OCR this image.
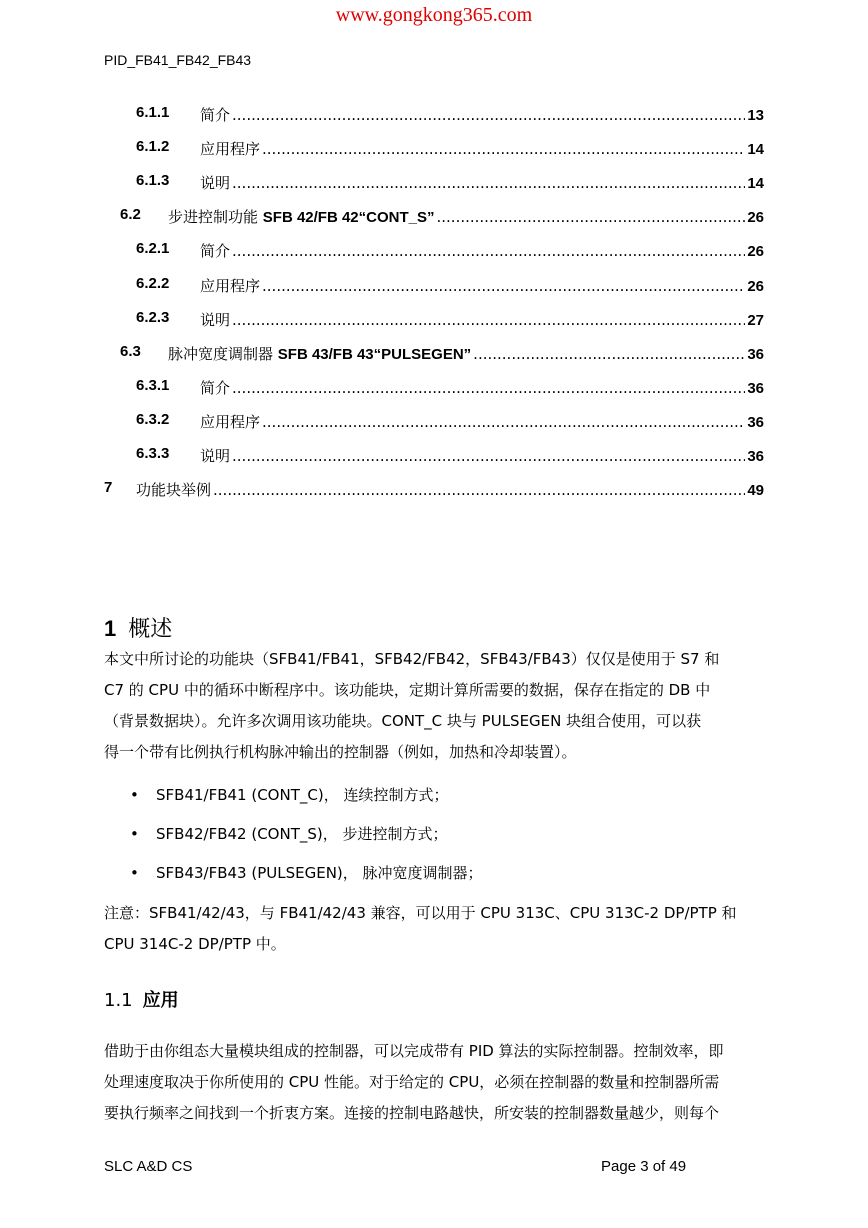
www.gongkong365.com
PID_FB41_FB42_FB43
6.1.1 简介 .....	13
6.1.2 应用程序 .....	14
6.1.3 说明 .....	14
6.2 步进控制功能 SFB 42/FB 42“CONT_S” .....	26
6.2.1 简介 .....	26
6.2.2 应用程序 .....	26
6.2.3 说明 .....	27
6.3 脉冲宽度调制器 SFB 43/FB 43“PULSEGEN” .....	36
6.3.1 简介 .....	36
6.3.2 应用程序 .....	36
6.3.3 说明 .....	36
7 功能块举例 .....	49
1 概述
本文中所讨论的功能块（SFB41/FB41，SFB42/FB42，SFB43/FB43）仅仅是使用于 S7 和
C7 的 CPU 中的循环中断程序中。该功能块，定期计算所需要的数据，保存在指定的 DB 中
（背景数据块）。允许多次调用该功能块。CONT_C 块与 PULSEGEN 块组合使用，可以获
得一个带有比例执行机构脉冲输出的控制器（例如，加热和冷却装置）。
• SFB41/FB41 (CONT_C)， 连续控制方式；
• SFB42/FB42 (CONT_S)， 步进控制方式；
• SFB43/FB43 (PULSEGEN)， 脉冲宽度调制器；
注意：SFB41/42/43，与 FB41/42/43 兼容，可以用于 CPU 313C、CPU 313C-2 DP/PTP 和
CPU 314C-2 DP/PTP 中。
1.1 应用
借助于由你组态大量模块组成的控制器，可以完成带有 PID 算法的实际控制器。控制效率，即
处理速度取决于你所使用的 CPU 性能。对于给定的 CPU，必须在控制器的数量和控制器所需
要执行频率之间找到一个折衷方案。连接的控制电路越快，所安装的控制器数量越少，则每个
SLC A&D CS	Page 3 of 49
